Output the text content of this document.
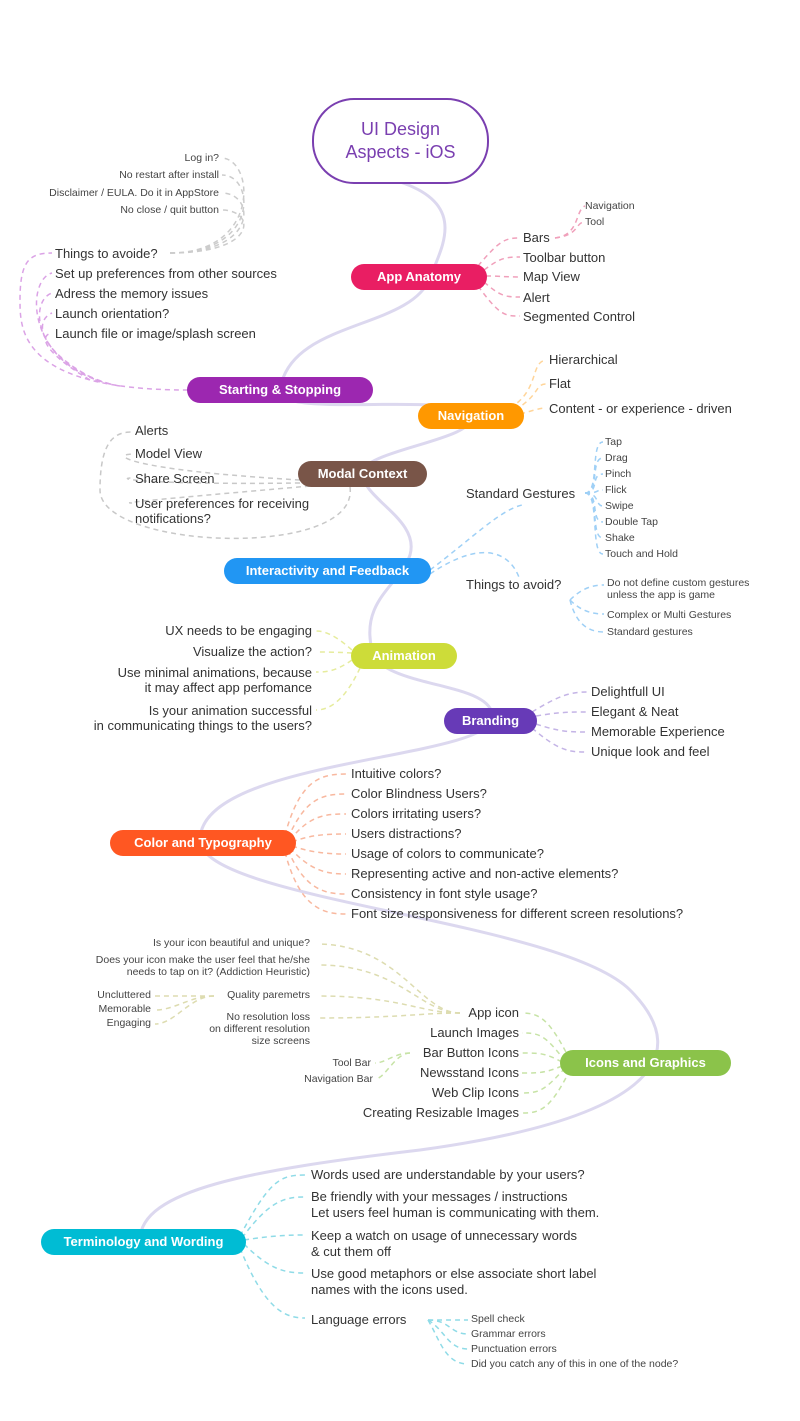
UI Design
Aspects - iOS
App Anatomy
Starting & Stopping
Navigation
Modal Context
Interactivity and Feedback
Animation
Branding
Color and Typography
Icons and Graphics
Terminology and Wording
Bars
Toolbar button
Map View
Alert
Segmented Control
Navigation
Tool
Things to avoide?
Set up preferences from other sources
Adress the memory issues
Launch orientation?
Launch file or image/splash screen
Log in?
No restart after install
Disclaimer / EULA. Do it in AppStore
No close / quit button
Hierarchical
Flat
Content - or experience - driven
Alerts
Model View
Share Screen
User preferences for receiving
notifications?
Standard Gestures
Tap
Drag
Pinch
Flick
Swipe
Double Tap
Shake
Touch and Hold
Things to avoid?	Do not define custom gestures
unless the app is game
Complex or Multi Gestures
Standard gestures
UX needs to be engaging
Visualize the action?
Use minimal animations, because
it may affect app perfomance
Is your animation successful
in communicating things to the users?
Delightfull UI
Elegant & Neat
Memorable Experience
Unique look and feel
Intuitive colors?
Color Blindness Users?
Colors irritating users?
Users distractions?
Usage of colors to communicate?
Representing active and non-active elements?
Consistency in font style usage?
Font size responsiveness for different screen resolutions?
App icon
Launch Images
Bar Button Icons
Newsstand Icons
Web Clip Icons
Creating Resizable Images
Is your icon beautiful and unique?
Does your icon make the user feel that he/she
needs to tap on it? (Addiction Heuristic)
Quality paremetrs
No resolution loss
on different resolution
size screens
Uncluttered
Memorable
Engaging
Tool Bar
Navigation Bar
Words used are understandable by your users?
Be friendly with your messages / instructions
Let users feel human is communicating with them.
Keep a watch on usage of unnecessary words
& cut them off
Use good metaphors or else associate short label
names with the icons used.
Language errors	Spell check
Grammar errors
Punctuation errors
Did you catch any of this in one of the node?
